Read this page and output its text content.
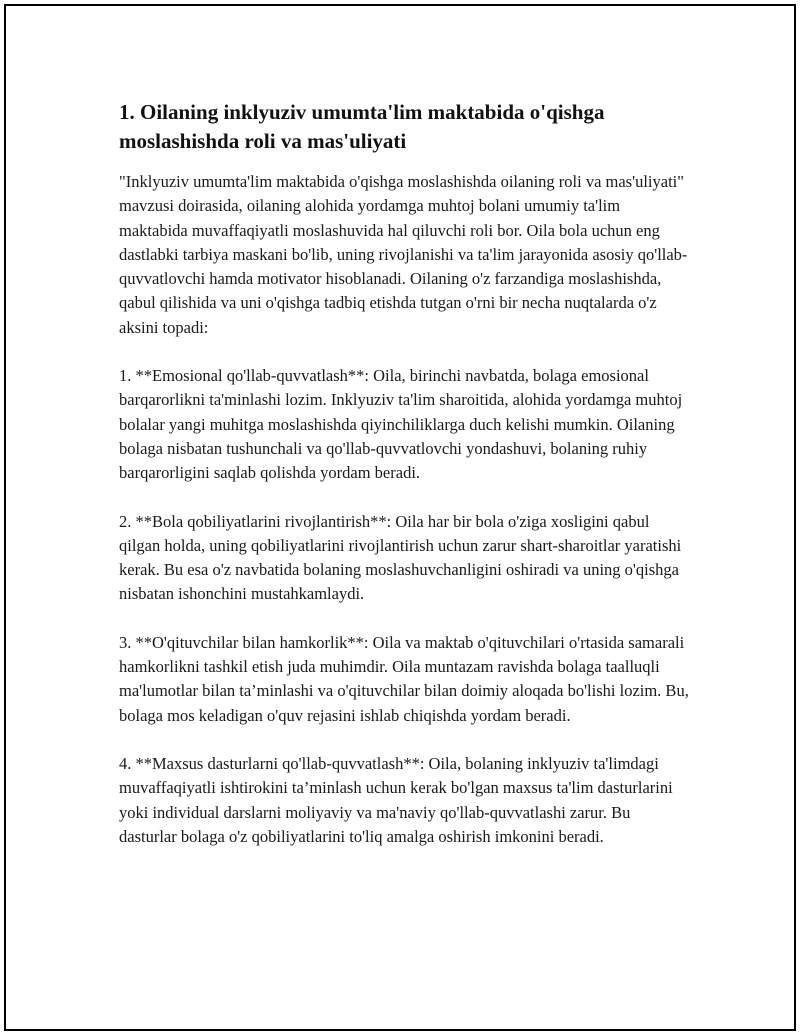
1. Oilaning inklyuziv umumta'lim maktabida o'qishga moslashishda roli va mas'uliyati

"Inklyuziv umumta'lim maktabida o'qishga moslashishda oilaning roli va mas'uliyati" mavzusi doirasida, oilaning alohida yordamga muhtoj bolani umumiy ta'lim maktabida muvaffaqiyatli moslashuvida hal qiluvchi roli bor. Oila bola uchun eng dastlabki tarbiya maskani bo'lib, uning rivojlanishi va ta'lim jarayonida asosiy qo'llab-quvvatlovchi hamda motivator hisoblanadi. Oilaning o'z farzandiga moslashishda, qabul qilishida va uni o'qishga tadbiq etishda tutgan o'rni bir necha nuqtalarda o'z aksini topadi:

1. **Emosional qo'llab-quvvatlash**: Oila, birinchi navbatda, bolaga emosional barqarorlikni ta'minlashi lozim. Inklyuziv ta'lim sharoitida, alohida yordamga muhtoj bolalar yangi muhitga moslashishda qiyinchiliklarga duch kelishi mumkin. Oilaning bolaga nisbatan tushunchali va qo'llab-quvvatlovchi yondashuvi, bolaning ruhiy barqarorligini saqlab qolishda yordam beradi.

2. **Bola qobiliyatlarini rivojlantirish**: Oila har bir bola o'ziga xosligini qabul qilgan holda, uning qobiliyatlarini rivojlantirish uchun zarur shart-sharoitlar yaratishi kerak. Bu esa o'z navbatida bolaning moslashuvchanligini oshiradi va uning o'qishga nisbatan ishonchini mustahkamlaydi.

3. **O'qituvchilar bilan hamkorlik**: Oila va maktab o'qituvchilari o'rtasida samarali hamkorlikni tashkil etish juda muhimdir. Oila muntazam ravishda bolaga taalluqli ma'lumotlar bilan ta’minlashi va o'qituvchilar bilan doimiy aloqada bo'lishi lozim. Bu, bolaga mos keladigan o'quv rejasini ishlab chiqishda yordam beradi.

4. **Maxsus dasturlarni qo'llab-quvvatlash**: Oila, bolaning inklyuziv ta'limdagi muvaffaqiyatli ishtirokini ta’minlash uchun kerak bo'lgan maxsus ta'lim dasturlarini yoki individual darslarni moliyaviy va ma'naviy qo'llab-quvvatlashi zarur. Bu dasturlar bolaga o'z qobiliyatlarini to'liq amalga oshirish imkonini beradi.
